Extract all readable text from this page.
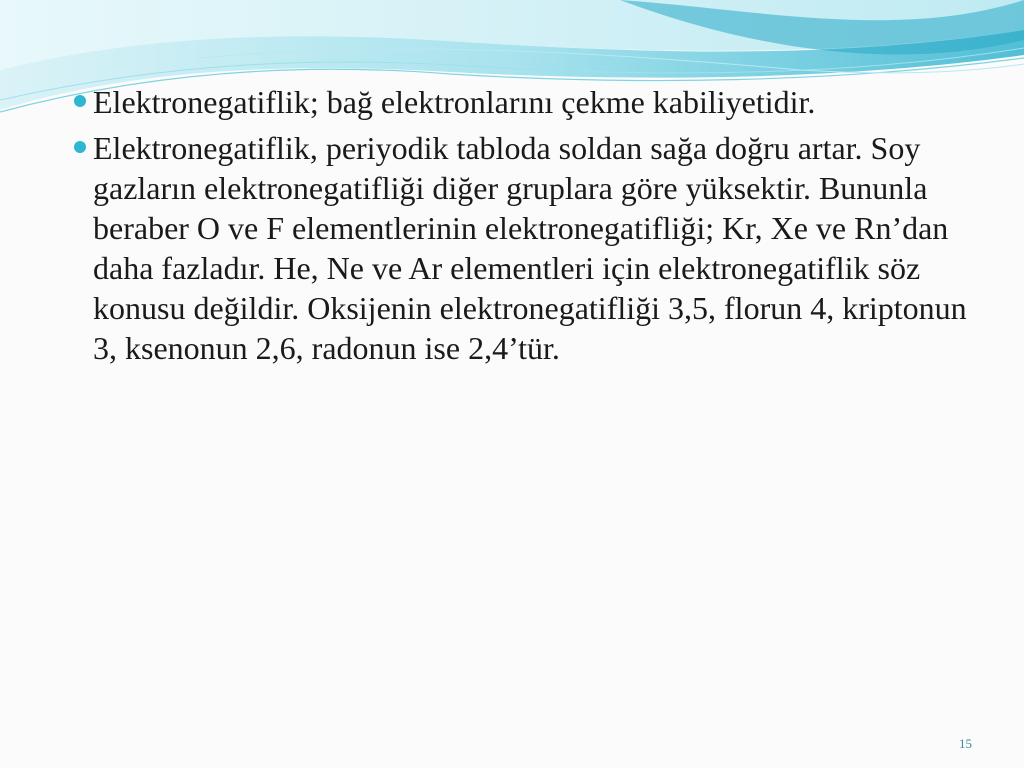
Elektronegatiflik; bağ elektronlarını çekme kabiliyetidir.
Elektronegatiflik, periyodik tabloda soldan sağa doğru artar. Soy gazların elektronegatifliği diğer gruplara göre yüksektir. Bununla beraber O ve F elementlerinin elektronegatifliği; Kr, Xe ve Rn’dan daha fazladır. He, Ne ve Ar elementleri için elektronegatiflik söz konusu değildir. Oksijenin elektronegatifliği 3,5, florun 4, kriptonun 3, ksenonun 2,6, radonun ise 2,4’tür.
15
